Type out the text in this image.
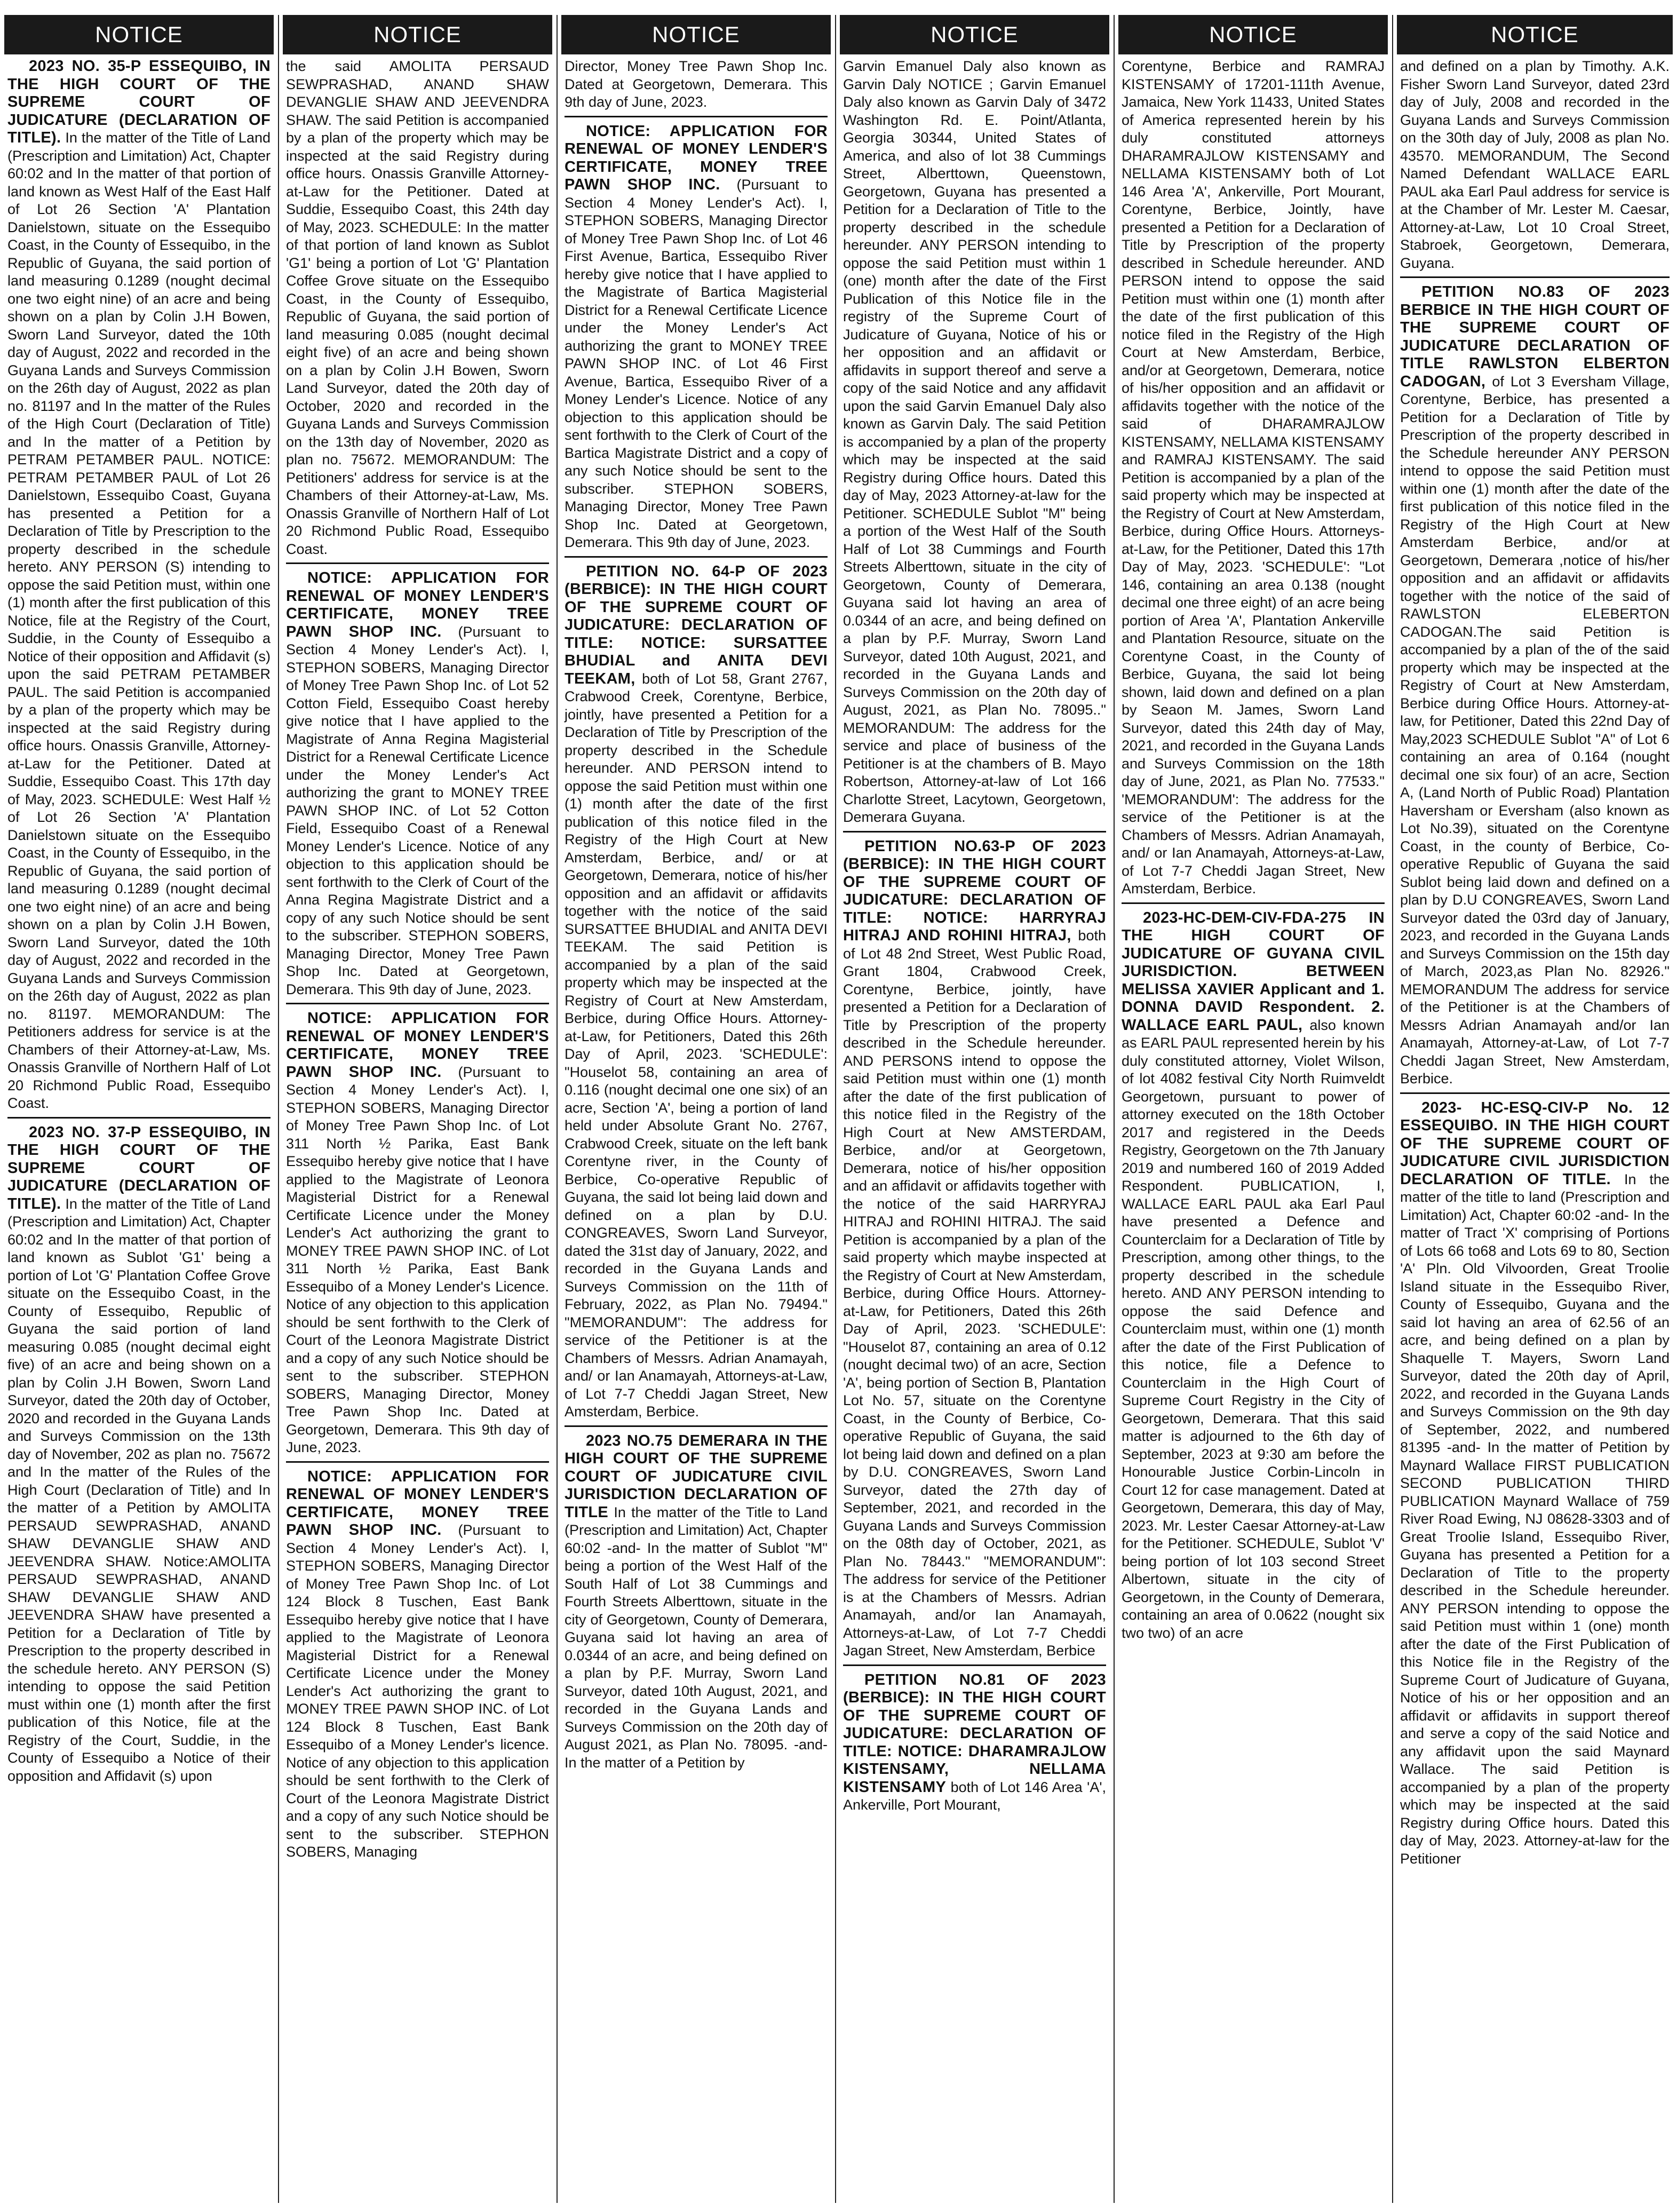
NOTICE
2023 NO. 35-P ESSEQUIBO, IN THE HIGH COURT OF THE SUPREME COURT OF JUDICATURE (DECLARATION OF TITLE). In the matter of the Title of Land (Prescription and Limitation) Act, Chapter 60:02 and In the matter of that portion of land known as West Half of the East Half of Lot 26 Section 'A' Plantation Danielstown, situate on the Essequibo Coast, in the County of Essequibo, in the Republic of Guyana, the said portion of land measuring 0.1289 (nought decimal one two eight nine) of an acre and being shown on a plan by Colin J.H Bowen, Sworn Land Surveyor, dated the 10th day of August, 2022 and recorded in the Guyana Lands and Surveys Commission on the 26th day of August, 2022 as plan no. 81197 and In the matter of the Rules of the High Court (Declaration of Title) and In the matter of a Petition by PETRAM PETAMBER PAUL. NOTICE: PETRAM PETAMBER PAUL of Lot 26 Danielstown, Essequibo Coast, Guyana has presented a Petition for a Declaration of Title by Prescription to the property described in the schedule hereto. ANY PERSON (S) intending to oppose the said Petition must, within one (1) month after the first publication of this Notice, file at the Registry of the Court, Suddie, in the County of Essequibo a Notice of their opposition and Affidavit (s) upon the said PETRAM PETAMBER PAUL. The said Petition is accompanied by a plan of the property which may be inspected at the said Registry during office hours. Onassis Granville, Attorney-at-Law for the Petitioner. Dated at Suddie, Essequibo Coast. This 17th day of May, 2023. SCHEDULE: West Half ½ of Lot 26 Section 'A' Plantation Danielstown situate on the Essequibo Coast, in the County of Essequibo, in the Republic of Guyana, the said portion of land measuring 0.1289 (nought decimal one two eight nine) of an acre and being shown on a plan by Colin J.H Bowen, Sworn Land Surveyor, dated the 10th day of August, 2022 and recorded in the Guyana Lands and Surveys Commission on the 26th day of August, 2022 as plan no. 81197. MEMORANDUM: The Petitioners address for service is at the Chambers of their Attorney-at-Law, Ms. Onassis Granville of Northern Half of Lot 20 Richmond Public Road, Essequibo Coast.
2023 NO. 37-P ESSEQUIBO, IN THE HIGH COURT OF THE SUPREME COURT OF JUDICATURE (DECLARATION OF TITLE). In the matter of the Title of Land (Prescription and Limitation) Act, Chapter 60:02 and In the matter of that portion of land known as Sublot 'G1' being a portion of Lot 'G' Plantation Coffee Grove situate on the Essequibo Coast, in the County of Essequibo, Republic of Guyana the said portion of land measuring 0.085 (nought decimal eight five) of an acre and being shown on a plan by Colin J.H Bowen, Sworn Land Surveyor, dated the 20th day of October, 2020 and recorded in the Guyana Lands and Surveys Commission on the 13th day of November, 202 as plan no. 75672 and In the matter of the Rules of the High Court (Declaration of Title) and In the matter of a Petition by AMOLITA PERSAUD SEWPRASHAD, ANAND SHAW DEVANGLIE SHAW AND JEEVENDRA SHAW. Notice:AMOLITA PERSAUD SEWPRASHAD, ANAND SHAW DEVANGLIE SHAW AND JEEVENDRA SHAW have presented a Petition for a Declaration of Title by Prescription to the property described in the schedule hereto. ANY PERSON (S) intending to oppose the said Petition must within one (1) month after the first publication of this Notice, file at the Registry of the Court, Suddie, in the County of Essequibo a Notice of their opposition and Affidavit (s) upon
NOTICE
the said AMOLITA PERSAUD SEWPRASHAD, ANAND SHAW DEVANGLIE SHAW AND JEEVENDRA SHAW. The said Petition is accompanied by a plan of the property which may be inspected at the said Registry during office hours. Onassis Granville Attorney-at-Law for the Petitioner. Dated at Suddie, Essequibo Coast, this 24th day of May, 2023. SCHEDULE: In the matter of that portion of land known as Sublot 'G1' being a portion of Lot 'G' Plantation Coffee Grove situate on the Essequibo Coast, in the County of Essequibo, Republic of Guyana, the said portion of land measuring 0.085 (nought decimal eight five) of an acre and being shown on a plan by Colin J.H Bowen, Sworn Land Surveyor, dated the 20th day of October, 2020 and recorded in the Guyana Lands and Surveys Commission on the 13th day of November, 2020 as plan no. 75672. MEMORANDUM: The Petitioners' address for service is at the Chambers of their Attorney-at-Law, Ms. Onassis Granville of Northern Half of Lot 20 Richmond Public Road, Essequibo Coast.
NOTICE: APPLICATION FOR RENEWAL OF MONEY LENDER'S CERTIFICATE, MONEY TREE PAWN SHOP INC. (Pursuant to Section 4 Money Lender's Act). I, STEPHON SOBERS, Managing Director of Money Tree Pawn Shop Inc. of Lot 52 Cotton Field, Essequibo Coast hereby give notice that I have applied to the Magistrate of Anna Regina Magisterial District for a Renewal Certificate Licence under the Money Lender's Act authorizing the grant to MONEY TREE PAWN SHOP INC. of Lot 52 Cotton Field, Essequibo Coast of a Renewal Money Lender's Licence. Notice of any objection to this application should be sent forthwith to the Clerk of Court of the Anna Regina Magistrate District and a copy of any such Notice should be sent to the subscriber. STEPHON SOBERS, Managing Director, Money Tree Pawn Shop Inc. Dated at Georgetown, Demerara. This 9th day of June, 2023.
NOTICE: APPLICATION FOR RENEWAL OF MONEY LENDER'S CERTIFICATE, MONEY TREE PAWN SHOP INC. (Pursuant to Section 4 Money Lender's Act). I, STEPHON SOBERS, Managing Director of Money Tree Pawn Shop Inc. of Lot 311 North ½ Parika, East Bank Essequibo hereby give notice that I have applied to the Magistrate of Leonora Magisterial District for a Renewal Certificate Licence under the Money Lender's Act authorizing the grant to MONEY TREE PAWN SHOP INC. of Lot 311 North ½ Parika, East Bank Essequibo of a Money Lender's Licence. Notice of any objection to this application should be sent forthwith to the Clerk of Court of the Leonora Magistrate District and a copy of any such Notice should be sent to the subscriber. STEPHON SOBERS, Managing Director, Money Tree Pawn Shop Inc. Dated at Georgetown, Demerara. This 9th day of June, 2023.
NOTICE: APPLICATION FOR RENEWAL OF MONEY LENDER'S CERTIFICATE, MONEY TREE PAWN SHOP INC. (Pursuant to Section 4 Money Lender's Act). I, STEPHON SOBERS, Managing Director of Money Tree Pawn Shop Inc. of Lot 124 Block 8 Tuschen, East Bank Essequibo hereby give notice that I have applied to the Magistrate of Leonora Magisterial District for a Renewal Certificate Licence under the Money Lender's Act authorizing the grant to MONEY TREE PAWN SHOP INC. of Lot 124 Block 8 Tuschen, East Bank Essequibo of a Money Lender's licence. Notice of any objection to this application should be sent forthwith to the Clerk of Court of the Leonora Magistrate District and a copy of any such Notice should be sent to the subscriber. STEPHON SOBERS, Managing
NOTICE
Director, Money Tree Pawn Shop Inc. Dated at Georgetown, Demerara. This 9th day of June, 2023.
NOTICE: APPLICATION FOR RENEWAL OF MONEY LENDER'S CERTIFICATE, MONEY TREE PAWN SHOP INC. (Pursuant to Section 4 Money Lender's Act). I, STEPHON SOBERS, Managing Director of Money Tree Pawn Shop Inc. of Lot 46 First Avenue, Bartica, Essequibo River hereby give notice that I have applied to the Magistrate of Bartica Magisterial District for a Renewal Certificate Licence under the Money Lender's Act authorizing the grant to MONEY TREE PAWN SHOP INC. of Lot 46 First Avenue, Bartica, Essequibo River of a Money Lender's Licence. Notice of any objection to this application should be sent forthwith to the Clerk of Court of the Bartica Magistrate District and a copy of any such Notice should be sent to the subscriber. STEPHON SOBERS, Managing Director, Money Tree Pawn Shop Inc. Dated at Georgetown, Demerara. This 9th day of June, 2023.
PETITION NO. 64-P OF 2023 (BERBICE): IN THE HIGH COURT OF THE SUPREME COURT OF JUDICATURE: DECLARATION OF TITLE: NOTICE: SURSATTEE BHUDIAL and ANITA DEVI TEEKAM, both of Lot 58, Grant 2767, Crabwood Creek, Corentyne, Berbice, jointly, have presented a Petition for a Declaration of Title by Prescription of the property described in the Schedule hereunder. AND PERSON intend to oppose the said Petition must within one (1) month after the date of the first publication of this notice filed in the Registry of the High Court at New Amsterdam, Berbice, and/ or at Georgetown, Demerara, notice of his/her opposition and an affidavit or affidavits together with the notice of the said SURSATTEE BHUDIAL and ANITA DEVI TEEKAM. The said Petition is accompanied by a plan of the said property which may be inspected at the Registry of Court at New Amsterdam, Berbice, during Office Hours. Attorney-at-Law, for Petitioners, Dated this 26th Day of April, 2023. 'SCHEDULE': "Houselot 58, containing an area of 0.116 (nought decimal one one six) of an acre, Section 'A', being a portion of land held under Absolute Grant No. 2767, Crabwood Creek, situate on the left bank Corentyne river, in the County of Berbice, Co-operative Republic of Guyana, the said lot being laid down and defined on a plan by D.U. CONGREAVES, Sworn Land Surveyor, dated the 31st day of January, 2022, and recorded in the Guyana Lands and Surveys Commission on the 11th of February, 2022, as Plan No. 79494." "MEMORANDUM": The address for service of the Petitioner is at the Chambers of Messrs. Adrian Anamayah, and/ or Ian Anamayah, Attorneys-at-Law, of Lot 7-7 Cheddi Jagan Street, New Amsterdam, Berbice.
2023 NO.75 DEMERARA IN THE HIGH COURT OF THE SUPREME COURT OF JUDICATURE CIVIL JURISDICTION DECLARATION OF TITLE In the matter of the Title to Land (Prescription and Limitation) Act, Chapter 60:02 -and- In the matter of Sublot "M" being a portion of the West Half of the South Half of Lot 38 Cummings and Fourth Streets Alberttown, situate in the city of Georgetown, County of Demerara, Guyana said lot having an area of 0.0344 of an acre, and being defined on a plan by P.F. Murray, Sworn Land Surveyor, dated 10th August, 2021, and recorded in the Guyana Lands and Surveys Commission on the 20th day of August 2021, as Plan No. 78095. -and- In the matter of a Petition by
NOTICE
Garvin Emanuel Daly also known as Garvin Daly NOTICE ; Garvin Emanuel Daly also known as Garvin Daly of 3472 Washington Rd. E. Point/Atlanta, Georgia 30344, United States of America, and also of lot 38 Cummings Street, Alberttown, Queenstown, Georgetown, Guyana has presented a Petition for a Declaration of Title to the property described in the schedule hereunder. ANY PERSON intending to oppose the said Petition must within 1 (one) month after the date of the First Publication of this Notice file in the registry of the Supreme Court of Judicature of Guyana, Notice of his or her opposition and an affidavit or affidavits in support thereof and serve a copy of the said Notice and any affidavit upon the said Garvin Emanuel Daly also known as Garvin Daly. The said Petition is accompanied by a plan of the property which may be inspected at the said Registry during Office hours. Dated this day of May, 2023 Attorney-at-law for the Petitioner. SCHEDULE Sublot "M" being a portion of the West Half of the South Half of Lot 38 Cummings and Fourth Streets Alberttown, situate in the city of Georgetown, County of Demerara, Guyana said lot having an area of 0.0344 of an acre, and being defined on a plan by P.F. Murray, Sworn Land Surveyor, dated 10th August, 2021, and recorded in the Guyana Lands and Surveys Commission on the 20th day of August, 2021, as Plan No. 78095.." MEMORANDUM: The address for the service and place of business of the Petitioner is at the chambers of B. Mayo Robertson, Attorney-at-law of Lot 166 Charlotte Street, Lacytown, Georgetown, Demerara Guyana.
PETITION NO.63-P OF 2023 (BERBICE): IN THE HIGH COURT OF THE SUPREME COURT OF JUDICATURE: DECLARATION OF TITLE: NOTICE: HARRYRAJ HITRAJ AND ROHINI HITRAJ, both of Lot 48 2nd Street, West Public Road, Grant 1804, Crabwood Creek, Corentyne, Berbice, jointly, have presented a Petition for a Declaration of Title by Prescription of the property described in the Schedule hereunder. AND PERSONS intend to oppose the said Petition must within one (1) month after the date of the first publication of this notice filed in the Registry of the High Court at New AMSTERDAM, Berbice, and/or at Georgetown, Demerara, notice of his/her opposition and an affidavit or affidavits together with the notice of the said HARRYRAJ HITRAJ and ROHINI HITRAJ. The said Petition is accompanied by a plan of the said property which maybe inspected at the Registry of Court at New Amsterdam, Berbice, during Office Hours. Attorney-at-Law, for Petitioners, Dated this 26th Day of April, 2023. 'SCHEDULE': "Houselot 87, containing an area of 0.12 (nought decimal two) of an acre, Section 'A', being portion of Section B, Plantation Lot No. 57, situate on the Corentyne Coast, in the County of Berbice, Co-operative Republic of Guyana, the said lot being laid down and defined on a plan by D.U. CONGREAVES, Sworn Land Surveyor, dated the 27th day of September, 2021, and recorded in the Guyana Lands and Surveys Commission on the 08th day of October, 2021, as Plan No. 78443." "MEMORANDUM": The address for service of the Petitioner is at the Chambers of Messrs. Adrian Anamayah, and/or Ian Anamayah, Attorneys-at-Law, of Lot 7-7 Cheddi Jagan Street, New Amsterdam, Berbice
PETITION NO.81 OF 2023 (BERBICE): IN THE HIGH COURT OF THE SUPREME COURT OF JUDICATURE: DECLARATION OF TITLE: NOTICE: DHARAMRAJLOW KISTENSAMY, NELLAMA KISTENSAMY both of Lot 146 Area 'A', Ankerville, Port Mourant,
NOTICE
Corentyne, Berbice and RAMRAJ KISTENSAMY of 17201-111th Avenue, Jamaica, New York 11433, United States of America represented herein by his duly constituted attorneys DHARAMRAJLOW KISTENSAMY and NELLAMA KISTENSAMY both of Lot 146 Area 'A', Ankerville, Port Mourant, Corentyne, Berbice, Jointly, have presented a Petition for a Declaration of Title by Prescription of the property described in Schedule hereunder. AND PERSON intend to oppose the said Petition must within one (1) month after the date of the first publication of this notice filed in the Registry of the High Court at New Amsterdam, Berbice, and/or at Georgetown, Demerara, notice of his/her opposition and an affidavit or affidavits together with the notice of the said of DHARAMRAJLOW KISTENSAMY, NELLAMA KISTENSAMY and RAMRAJ KISTENSAMY. The said Petition is accompanied by a plan of the said property which may be inspected at the Registry of Court at New Amsterdam, Berbice, during Office Hours. Attorneys-at-Law, for the Petitioner, Dated this 17th Day of May, 2023. 'SCHEDULE': "Lot 146, containing an area 0.138 (nought decimal one three eight) of an acre being portion of Area 'A', Plantation Ankerville and Plantation Resource, situate on the Corentyne Coast, in the County of Berbice, Guyana, the said lot being shown, laid down and defined on a plan by Seaon M. James, Sworn Land Surveyor, dated this 24th day of May, 2021, and recorded in the Guyana Lands and Surveys Commission on the 18th day of June, 2021, as Plan No. 77533." 'MEMORANDUM': The address for the service of the Petitioner is at the Chambers of Messrs. Adrian Anamayah, and/ or Ian Anamayah, Attorneys-at-Law, of Lot 7-7 Cheddi Jagan Street, New Amsterdam, Berbice.
2023-HC-DEM-CIV-FDA-275 IN THE HIGH COURT OF JUDICATURE OF GUYANA CIVIL JURISDICTION. BETWEEN MELISSA XAVIER Applicant and 1. DONNA DAVID Respondent. 2. WALLACE EARL PAUL, also known as EARL PAUL represented herein by his duly constituted attorney, Violet Wilson, of lot 4082 festival City North Ruimveldt Georgetown, pursuant to power of attorney executed on the 18th October 2017 and registered in the Deeds Registry, Georgetown on the 7th January 2019 and numbered 160 of 2019 Added Respondent. PUBLICATION, I, WALLACE EARL PAUL aka Earl Paul have presented a Defence and Counterclaim for a Declaration of Title by Prescription, among other things, to the property described in the schedule hereto. AND ANY PERSON intending to oppose the said Defence and Counterclaim must, within one (1) month after the date of the First Publication of this notice, file a Defence to Counterclaim in the High Court of Supreme Court Registry in the City of Georgetown, Demerara. That this said matter is adjourned to the 6th day of September, 2023 at 9:30 am before the Honourable Justice Corbin-Lincoln in Court 12 for case management. Dated at Georgetown, Demerara, this day of May, 2023. Mr. Lester Caesar Attorney-at-Law for the Petitioner. SCHEDULE, Sublot 'V' being portion of lot 103 second Street Albertown, situate in the city of Georgetown, in the County of Demerara, containing an area of 0.0622 (nought six two two) of an acre
NOTICE
and defined on a plan by Timothy. A.K. Fisher Sworn Land Surveyor, dated 23rd day of July, 2008 and recorded in the Guyana Lands and Surveys Commission on the 30th day of July, 2008 as plan No. 43570. MEMORANDUM, The Second Named Defendant WALLACE EARL PAUL aka Earl Paul address for service is at the Chamber of Mr. Lester M. Caesar, Attorney-at-Law, Lot 10 Croal Street, Stabroek, Georgetown, Demerara, Guyana.
PETITION NO.83 OF 2023 BERBICE IN THE HIGH COURT OF THE SUPREME COURT OF JUDICATURE DECLARATION OF TITLE RAWLSTON ELBERTON CADOGAN, of Lot 3 Eversham Village, Corentyne, Berbice, has presented a Petition for a Declaration of Title by Prescription of the property described in the Schedule hereunder ANY PERSON intend to oppose the said Petition must within one (1) month after the date of the first publication of this notice filed in the Registry of the High Court at New Amsterdam Berbice, and/or at Georgetown, Demerara ,notice of his/her opposition and an affidavit or affidavits together with the notice of the said of RAWLSTON ELEBERTON CADOGAN.The said Petition is accompanied by a plan of the of the said property which may be inspected at the Registry of Court at New Amsterdam, Berbice during Office Hours. Attorney-at-law, for Petitioner, Dated this 22nd Day of May,2023 SCHEDULE Sublot "A" of Lot 6 containing an area of 0.164 (nought decimal one six four) of an acre, Section A, (Land North of Public Road) Plantation Haversham or Eversham (also known as Lot No.39), situated on the Corentyne Coast, in the county of Berbice, Co-operative Republic of Guyana the said Sublot being laid down and defined on a plan by D.U CONGREAVES, Sworn Land Surveyor dated the 03rd day of January, 2023, and recorded in the Guyana Lands and Surveys Commission on the 15th day of March, 2023,as Plan No. 82926." MEMORANDUM The address for service of the Petitioner is at the Chambers of Messrs Adrian Anamayah and/or Ian Anamayah, Attorney-at-Law, of Lot 7-7 Cheddi Jagan Street, New Amsterdam, Berbice.
2023- HC-ESQ-CIV-P No. 12 ESSEQUIBO. IN THE HIGH COURT OF THE SUPREME COURT OF JUDICATURE CIVIL JURISDICTION DECLARATION OF TITLE. In the matter of the title to land (Prescription and Limitation) Act, Chapter 60:02 -and- In the matter of Tract 'X' comprising of Portions of Lots 66 to68 and Lots 69 to 80, Section 'A' Pln. Old Vilvoorden, Great Troolie Island situate in the Essequibo River, County of Essequibo, Guyana and the said lot having an area of 62.56 of an acre, and being defined on a plan by Shaquelle T. Mayers, Sworn Land Surveyor, dated the 20th day of April, 2022, and recorded in the Guyana Lands and Surveys Commission on the 9th day of September, 2022, and numbered 81395 -and- In the matter of Petition by Maynard Wallace FIRST PUBLICATION SECOND PUBLICATION THIRD PUBLICATION Maynard Wallace of 759 River Road Ewing, NJ 08628-3303 and of Great Troolie Island, Essequibo River, Guyana has presented a Petition for a Declaration of Title to the property described in the Schedule hereunder. ANY PERSON intending to oppose the said Petition must within 1 (one) month after the date of the First Publication of this Notice file in the Registry of the Supreme Court of Judicature of Guyana, Notice of his or her opposition and an affidavit or affidavits in support thereof and serve a copy of the said Notice and any affidavit upon the said Maynard Wallace. The said Petition is accompanied by a plan of the property which may be inspected at the said Registry during Office hours. Dated this day of May, 2023. Attorney-at-law for the Petitioner
